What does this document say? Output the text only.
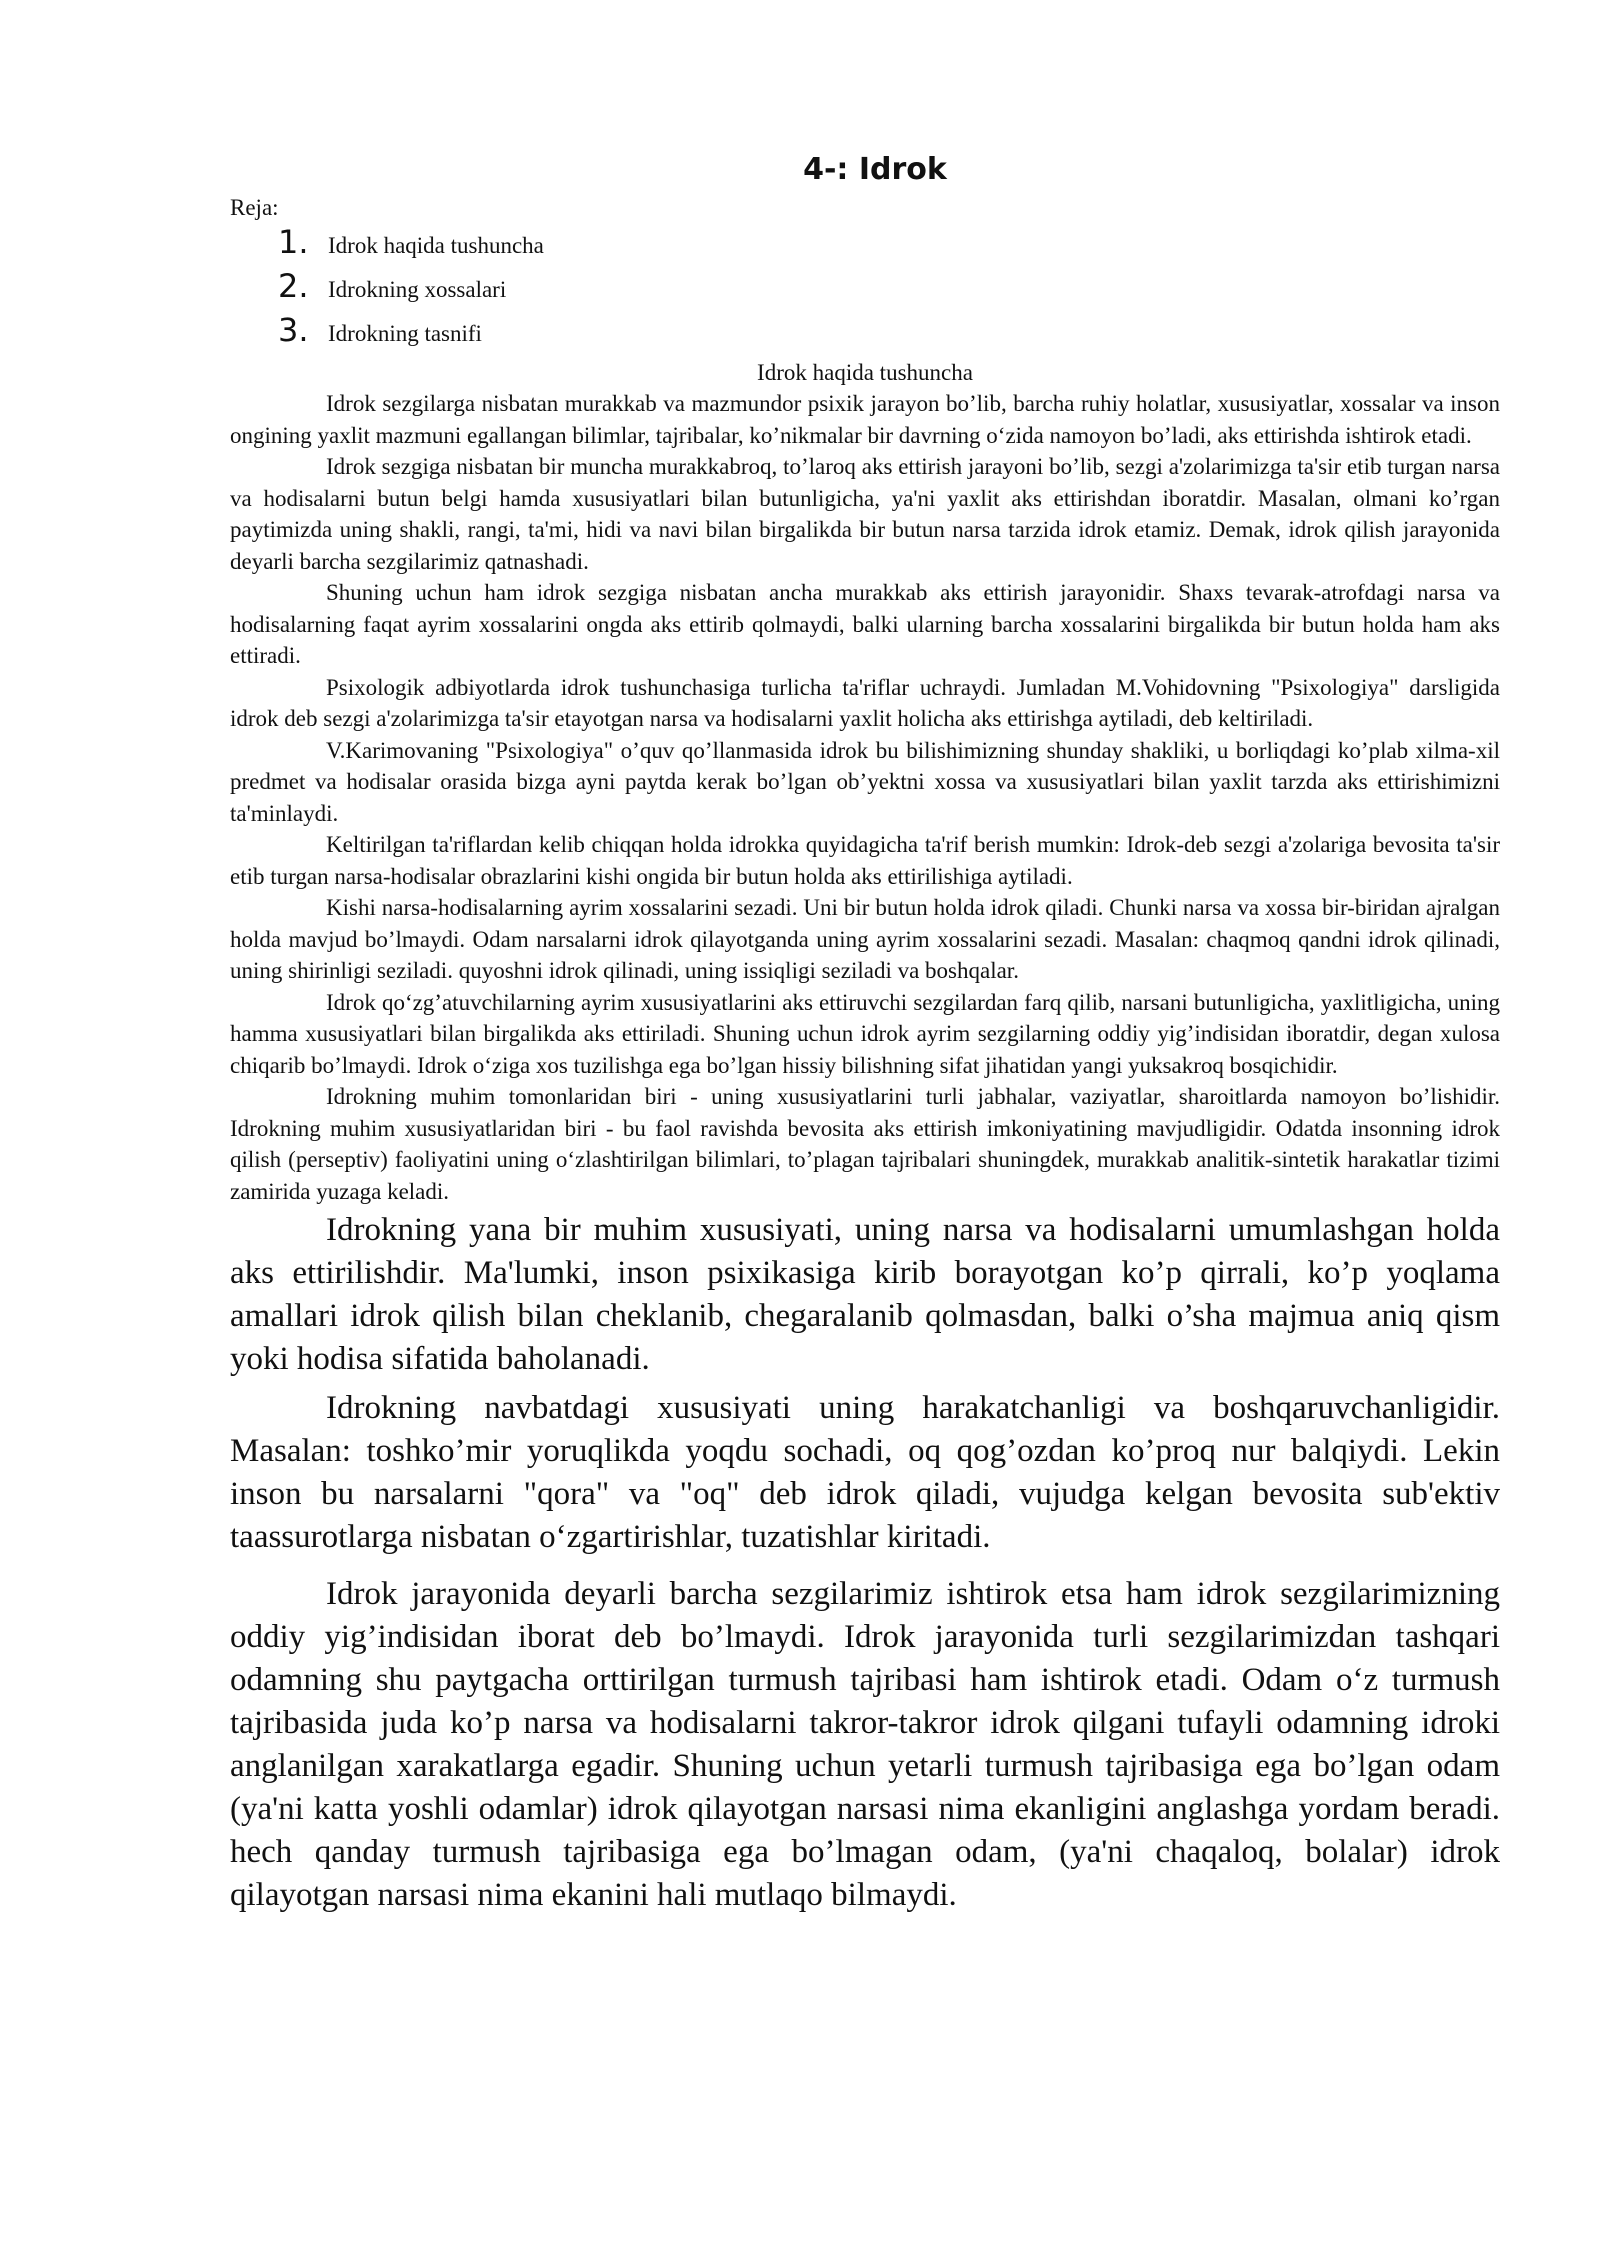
4-: Idrok
Reja:
1. Idrok haqida tushuncha
2. Idrokning xossalari
3. Idrokning tasnifi
Idrok haqida tushuncha

Idrok sezgilarga nisbatan murakkab va mazmundor psixik jarayon bo’lib, barcha ruhiy holatlar, xususiyatlar, xossalar va inson ongining yaxlit mazmuni egallangan bilimlar, tajribalar, ko’nikmalar bir davrning o‘zida namoyon bo’ladi, aks ettirishda ishtirok etadi.

Idrok sezgiga nisbatan bir muncha murakkabroq, to’laroq aks ettirish jarayoni bo’lib, sezgi a'zolarimizga ta'sir etib turgan narsa va hodisalarni butun belgi hamda xususiyatlari bilan butunligicha, ya'ni yaxlit aks ettirishdan iboratdir. Masalan, olmani ko’rgan paytimizda uning shakli, rangi, ta'mi, hidi va navi bilan birgalikda bir butun narsa tarzida idrok etamiz. Demak, idrok qilish jarayonida deyarli barcha sezgilarimiz qatnashadi.

Shuning uchun ham idrok sezgiga nisbatan ancha murakkab aks ettirish jarayonidir. Shaxs tevarak-atrofdagi narsa va hodisalarning faqat ayrim xossalarini ongda aks ettirib qolmaydi, balki ularning barcha xossalarini birgalikda bir butun holda ham aks ettiradi.

Psixologik adbiyotlarda idrok tushunchasiga turlicha ta'riflar uchraydi. Jumladan M.Vohidovning "Psixologiya" darsligida idrok deb sezgi a'zolarimizga ta'sir etayotgan narsa va hodisalarni yaxlit holicha aks ettirishga aytiladi, deb keltiriladi.

V.Karimovaning "Psixologiya" o’quv qo’llanmasida idrok bu bilishimizning shunday shakliki, u borliqdagi ko’plab xilma-xil predmet va hodisalar orasida bizga ayni paytda kerak bo’lgan ob’yektni xossa va xususiyatlari bilan yaxlit tarzda aks ettirishimizni ta'minlaydi.

Keltirilgan ta'riflardan kelib chiqqan holda idrokka quyidagicha ta'rif berish mumkin: Idrok-deb sezgi a'zolariga bevosita ta'sir etib turgan narsa-hodisalar obrazlarini kishi ongida bir butun holda aks ettirilishiga aytiladi.

Kishi narsa-hodisalarning ayrim xossalarini sezadi. Uni bir butun holda idrok qiladi. Chunki narsa va xossa bir-biridan ajralgan holda mavjud bo’lmaydi. Odam narsalarni idrok qilayotganda uning ayrim xossalarini sezadi. Masalan: chaqmoq qandni idrok qilinadi, uning shirinligi seziladi. quyoshni idrok qilinadi, uning issiqligi seziladi va boshqalar.

Idrok qo‘zg’atuvchilarning ayrim xususiyatlarini aks ettiruvchi sezgilardan farq qilib, narsani butunligicha, yaxlitligicha, uning hamma xususiyatlari bilan birgalikda aks ettiriladi. Shuning uchun idrok ayrim sezgilarning oddiy yig’indisidan iboratdir, degan xulosa chiqarib bo’lmaydi. Idrok o‘ziga xos tuzilishga ega bo’lgan hissiy bilishning sifat jihatidan yangi yuksakroq bosqichidir.

Idrokning muhim tomonlaridan biri - uning xususiyatlarini turli jabhalar, vaziyatlar, sharoitlarda namoyon bo’lishidir. Idrokning muhim xususiyatlaridan biri - bu faol ravishda bevosita aks ettirish imkoniyatining mavjudligidir. Odatda insonning idrok qilish (perseptiv) faoliyatini uning o‘zlashtirilgan bilimlari, to’plagan tajribalari shuningdek, murakkab analitik-sintetik harakatlar tizimi zamirida yuzaga keladi.

Idrokning yana bir muhim xususiyati, uning narsa va hodisalarni umumlashgan holda aks ettirilishdir. Ma'lumki, inson psixikasiga kirib borayotgan ko’p qirrali, ko’p yoqlama amallari idrok qilish bilan cheklanib, chegaralanib qolmasdan, balki o’sha majmua aniq qism yoki hodisa sifatida baholanadi.

Idrokning navbatdagi xususiyati uning harakatchanligi va boshqaruvchanligidir. Masalan: toshko’mir yoruqlikda yoqdu sochadi, oq qog’ozdan ko’proq nur balqiydi. Lekin inson bu narsalarni "qora" va "oq" deb idrok qiladi, vujudga kelgan bevosita sub'ektiv taassurotlarga nisbatan o‘zgartirishlar, tuzatishlar kiritadi.

Idrok jarayonida deyarli barcha sezgilarimiz ishtirok etsa ham idrok sezgilarimizning oddiy yig’indisidan iborat deb bo’lmaydi. Idrok jarayonida turli sezgilarimizdan tashqari odamning shu paytgacha orttirilgan turmush tajribasi ham ishtirok etadi. Odam o‘z turmush tajribasida juda ko’p narsa va hodisalarni takror-takror idrok qilgani tufayli odamning idroki anglanilgan xarakatlarga egadir. Shuning uchun yetarli turmush tajribasiga ega bo’lgan odam (ya'ni katta yoshli odamlar) idrok qilayotgan narsasi nima ekanligini anglashga yordam beradi. hech qanday turmush tajribasiga ega bo’lmagan odam, (ya'ni chaqaloq, bolalar) idrok qilayotgan narsasi nima ekanini hali mutlaqo bilmaydi.
